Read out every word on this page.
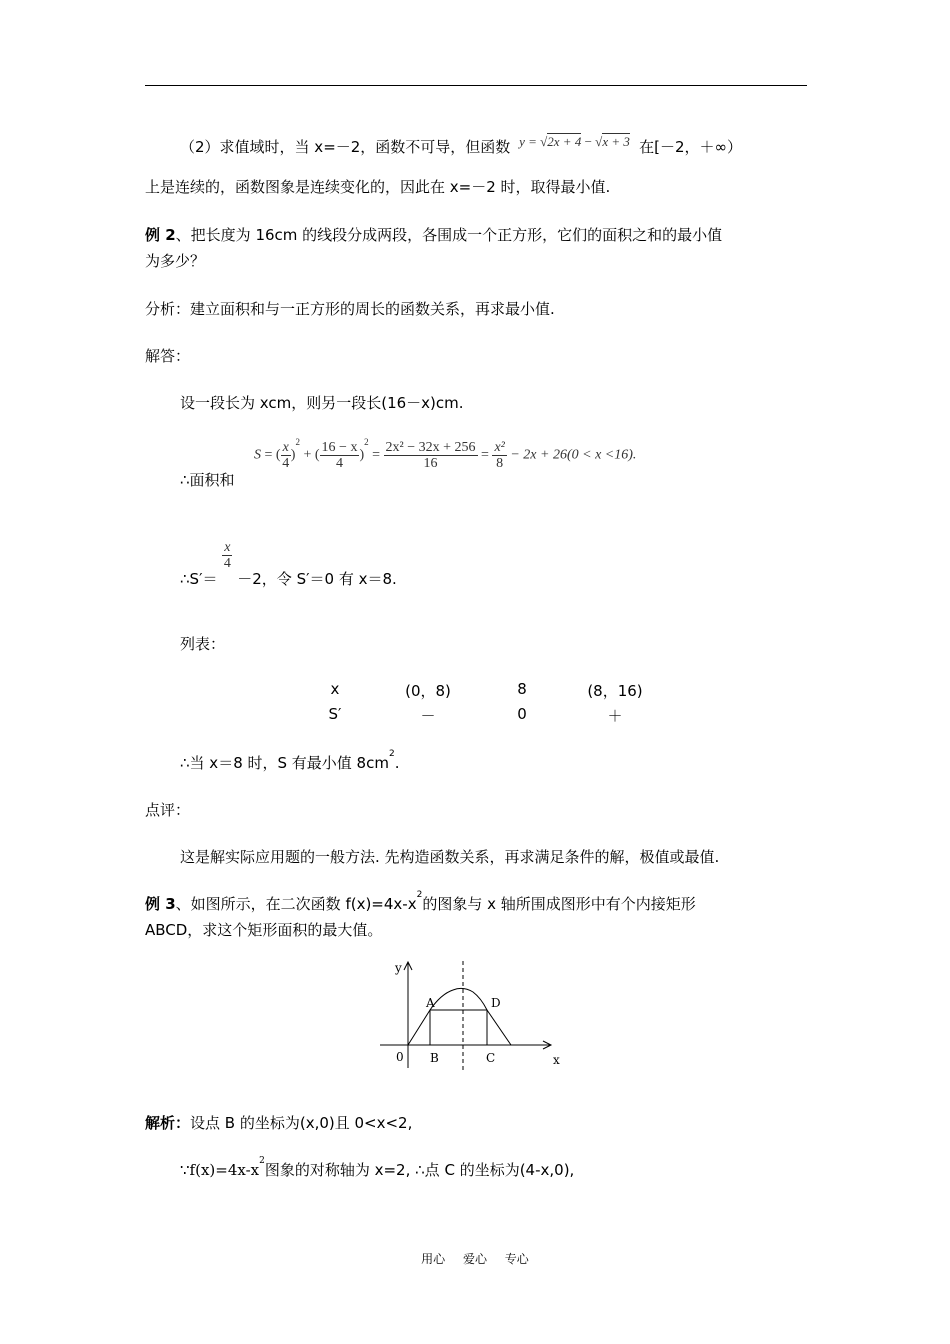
（2）求值域时，当 x=－2，函数不可导，但函数 y = √2x + 4 − √x + 3 在[－2，＋∞）
上是连续的，函数图象是连续变化的，因此在 x=－2 时，取得最小值.
例 2、把长度为 16cm 的线段分成两段，各围成一个正方形，它们的面积之和的最小值
为多少？
分析：建立面积和与一正方形的周长的函数关系，再求最小值.
解答：
设一段长为 xcm，则另一段长(16－x)cm.
∴面积和
S = ( $\frac{x}{4} )^2$ + ( $\frac{16 - x}{4} )^2 = \frac{\text{2x² − 32x + 256}}{16} = \frac{\text{x²}}{8} - 2x + 26(0 < x <16)$.
∴S′＝
$\frac{x}{4}$
－2，令 S′＝0 有 x＝8.
列表：
x	(0，8)	8	(8，16)
S′	－	0	＋
∴当 x＝8 时，S 有最小值 $8cm^2$.
点评：
这是解实际应用题的一般方法. 先构造函数关系，再求满足条件的解，极值或最值.
例 3、如图所示，在二次函数 $f(x)=4x-x^2$的图象与 x 轴所围成图形中有个内接矩形
ABCD，求这个矩形面积的最大值。
y
x
0
A	D
B	C
解析：设点 B 的坐标为(x,0)且 0<x<2,
$\because f(x)=4x-x^2$图象的对称轴为 x=2, ∴点 C 的坐标为(4-x,0),
用心 爱心 专心
